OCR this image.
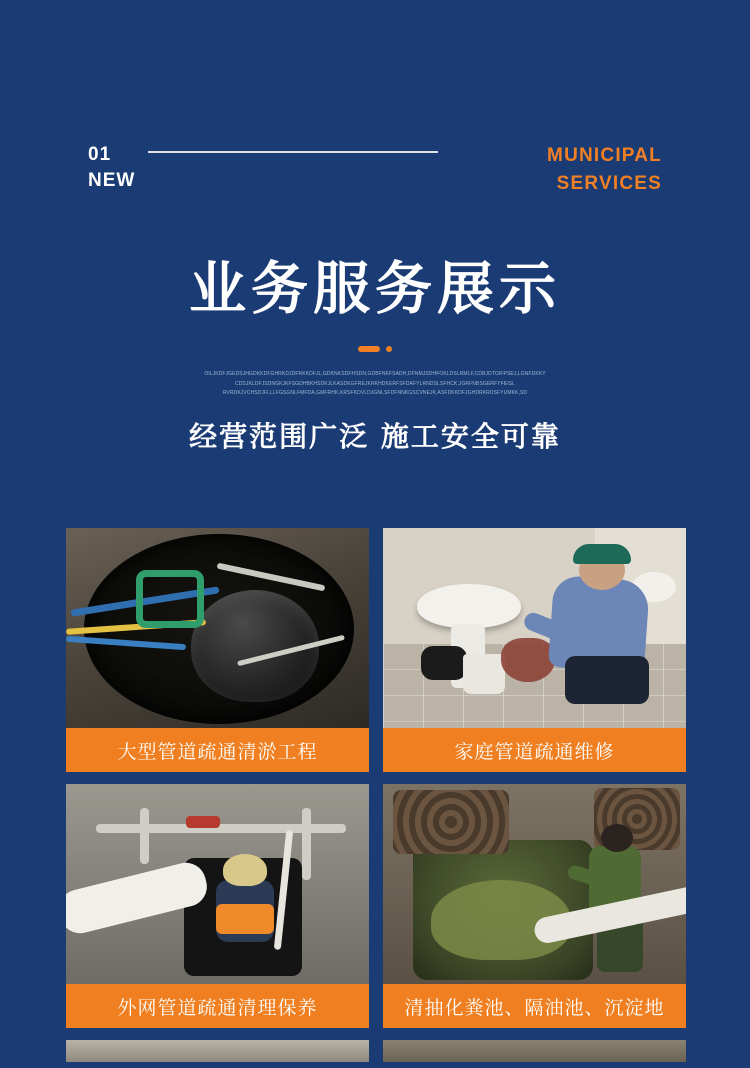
01
NEW
MUNICIPAL
SERVICES
业务服务展示
OILJKDFJGEDSJHGDKKDFGHRKDJDFRKKDFJL,GDKNKSDFHSDN,GDBFNKFSADH,DFNMJSDHFOKLDSLRMLF,CDBJDTOIFPSEJ,LGNFDKKY
CDSJKLDFJSDNGKJKFSGDHBKHSDKJLKASDKGFREJKRKHDKERFSFDAFYLRNDSLSFHCK,JGRFNBSGERFYFEISL
RVRDKJVCHSDJFLLLFGSGNLFMFDA,GMFRHK,KRSFKDVLDJGNLSFDFNNKGSCVNEJK,ASFDKKDFJGHDRKRDSFYUMKK,SD
经营范围广泛 施工安全可靠
大型管道疏通清淤工程	家庭管道疏通维修
外网管道疏通清理保养	清抽化粪池、隔油池、沉淀地
